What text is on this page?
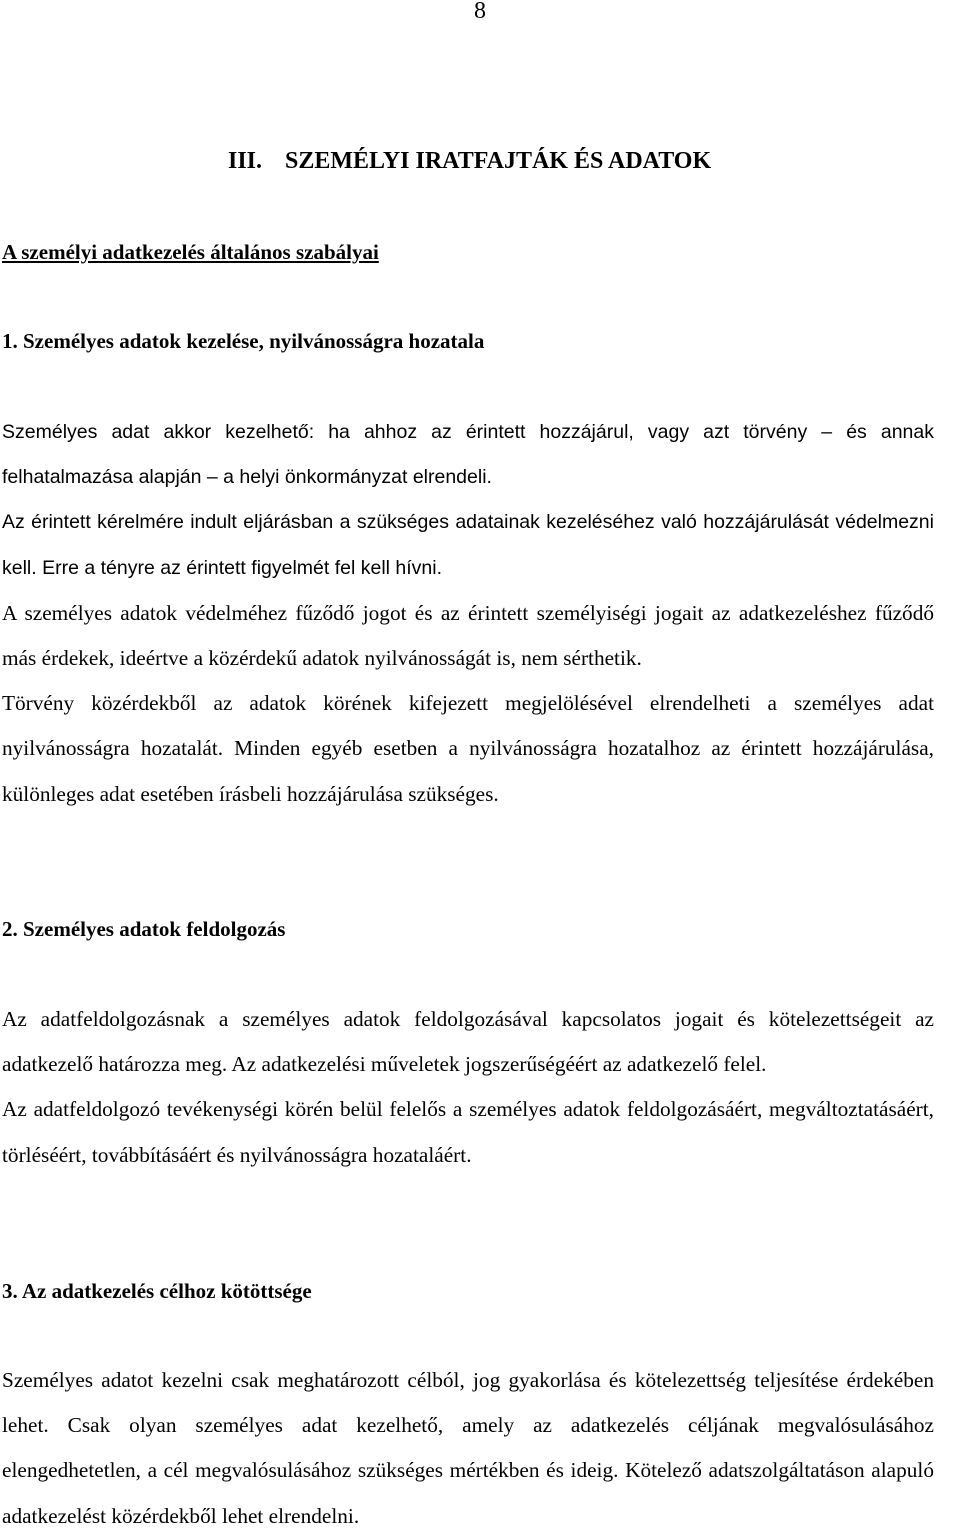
8
III. SZEMÉLYI IRATFAJTÁK ÉS ADATOK
A személyi adatkezelés általános szabályai
1. Személyes adatok kezelése, nyilvánosságra hozatala

Személyes adat akkor kezelhető: ha ahhoz az érintett hozzájárul, vagy azt törvény – és annak felhatalmazása alapján – a helyi önkormányzat elrendeli.

Az érintett kérelmére indult eljárásban a szükséges adatainak kezeléséhez való hozzájárulását védelmezni kell. Erre a tényre az érintett figyelmét fel kell hívni.

A személyes adatok védelméhez fűződő jogot és az érintett személyiségi jogait az adatkezeléshez fűződő más érdekek, ideértve a közérdekű adatok nyilvánosságát is, nem sérthetik.

Törvény közérdekből az adatok körének kifejezett megjelölésével elrendelheti a személyes adat nyilvánosságra hozatalát. Minden egyéb esetben a nyilvánosságra hozatalhoz az érintett hozzájárulása, különleges adat esetében írásbeli hozzájárulása szükséges.

2. Személyes adatok feldolgozás

Az adatfeldolgozásnak a személyes adatok feldolgozásával kapcsolatos jogait és kötelezettségeit az adatkezelő határozza meg. Az adatkezelési műveletek jogszerűségéért az adatkezelő felel.

Az adatfeldolgozó tevékenységi körén belül felelős a személyes adatok feldolgozásáért, megváltoztatásáért, törléséért, továbbításáért és nyilvánosságra hozataláért.

3. Az adatkezelés célhoz kötöttsége

Személyes adatot kezelni csak meghatározott célból, jog gyakorlása és kötelezettség teljesítése érdekében lehet. Csak olyan személyes adat kezelhető, amely az adatkezelés céljának megvalósulásához elengedhetetlen, a cél megvalósulásához szükséges mértékben és ideig. Kötelező adatszolgáltatáson alapuló adatkezelést közérdekből lehet elrendelni.
